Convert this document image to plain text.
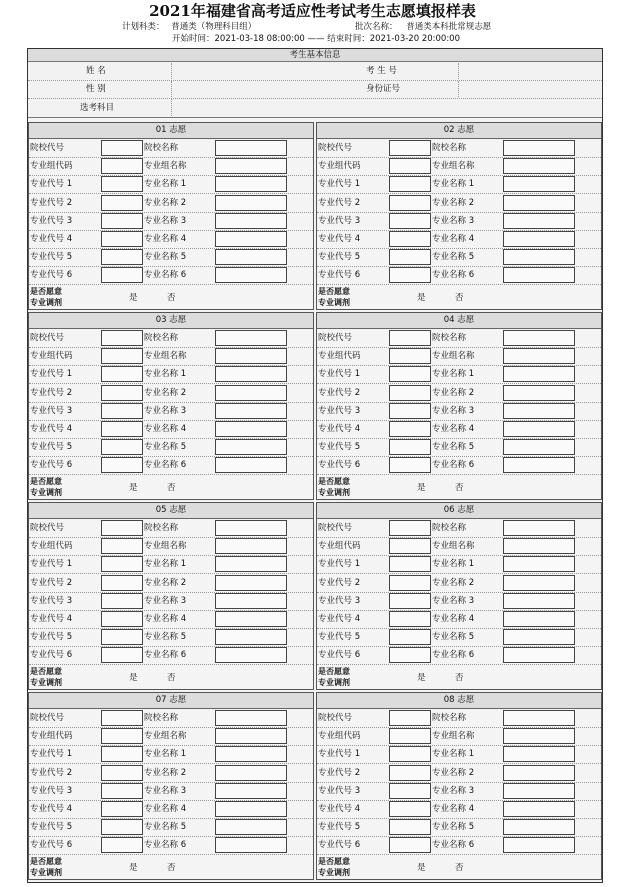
2021年福建省高考适应性考试考生志愿填报样表
计划科类： 普通类（物理科目组）	批次名称： 普通类本科批常规志愿
开始时间：2021-03-18 08:00:00 —— 结束时间：2021-03-20 20:00:00
考生基本信息
姓 名	考 生 号
性 别	身份证号
选考科目
01 志愿
院校代号	院校名称
专业组代码	专业组名称
专业代号 1	专业名称 1
专业代号 2	专业名称 2
专业代号 3	专业名称 3
专业代号 4	专业名称 4
专业代号 5	专业名称 5
专业代号 6	专业名称 6
是否愿意
专业调剂	是	否
02 志愿
院校代号	院校名称
专业组代码	专业组名称
专业代号 1	专业名称 1
专业代号 2	专业名称 2
专业代号 3	专业名称 3
专业代号 4	专业名称 4
专业代号 5	专业名称 5
专业代号 6	专业名称 6
是否愿意
专业调剂	是	否
03 志愿
院校代号	院校名称
专业组代码	专业组名称
专业代号 1	专业名称 1
专业代号 2	专业名称 2
专业代号 3	专业名称 3
专业代号 4	专业名称 4
专业代号 5	专业名称 5
专业代号 6	专业名称 6
是否愿意
专业调剂	是	否
04 志愿
院校代号	院校名称
专业组代码	专业组名称
专业代号 1	专业名称 1
专业代号 2	专业名称 2
专业代号 3	专业名称 3
专业代号 4	专业名称 4
专业代号 5	专业名称 5
专业代号 6	专业名称 6
是否愿意
专业调剂	是	否
05 志愿
院校代号	院校名称
专业组代码	专业组名称
专业代号 1	专业名称 1
专业代号 2	专业名称 2
专业代号 3	专业名称 3
专业代号 4	专业名称 4
专业代号 5	专业名称 5
专业代号 6	专业名称 6
是否愿意
专业调剂	是	否
06 志愿
院校代号	院校名称
专业组代码	专业组名称
专业代号 1	专业名称 1
专业代号 2	专业名称 2
专业代号 3	专业名称 3
专业代号 4	专业名称 4
专业代号 5	专业名称 5
专业代号 6	专业名称 6
是否愿意
专业调剂	是	否
07 志愿
院校代号	院校名称
专业组代码	专业组名称
专业代号 1	专业名称 1
专业代号 2	专业名称 2
专业代号 3	专业名称 3
专业代号 4	专业名称 4
专业代号 5	专业名称 5
专业代号 6	专业名称 6
是否愿意
专业调剂	是	否
08 志愿
院校代号	院校名称
专业组代码	专业组名称
专业代号 1	专业名称 1
专业代号 2	专业名称 2
专业代号 3	专业名称 3
专业代号 4	专业名称 4
专业代号 5	专业名称 5
专业代号 6	专业名称 6
是否愿意
专业调剂	是	否
